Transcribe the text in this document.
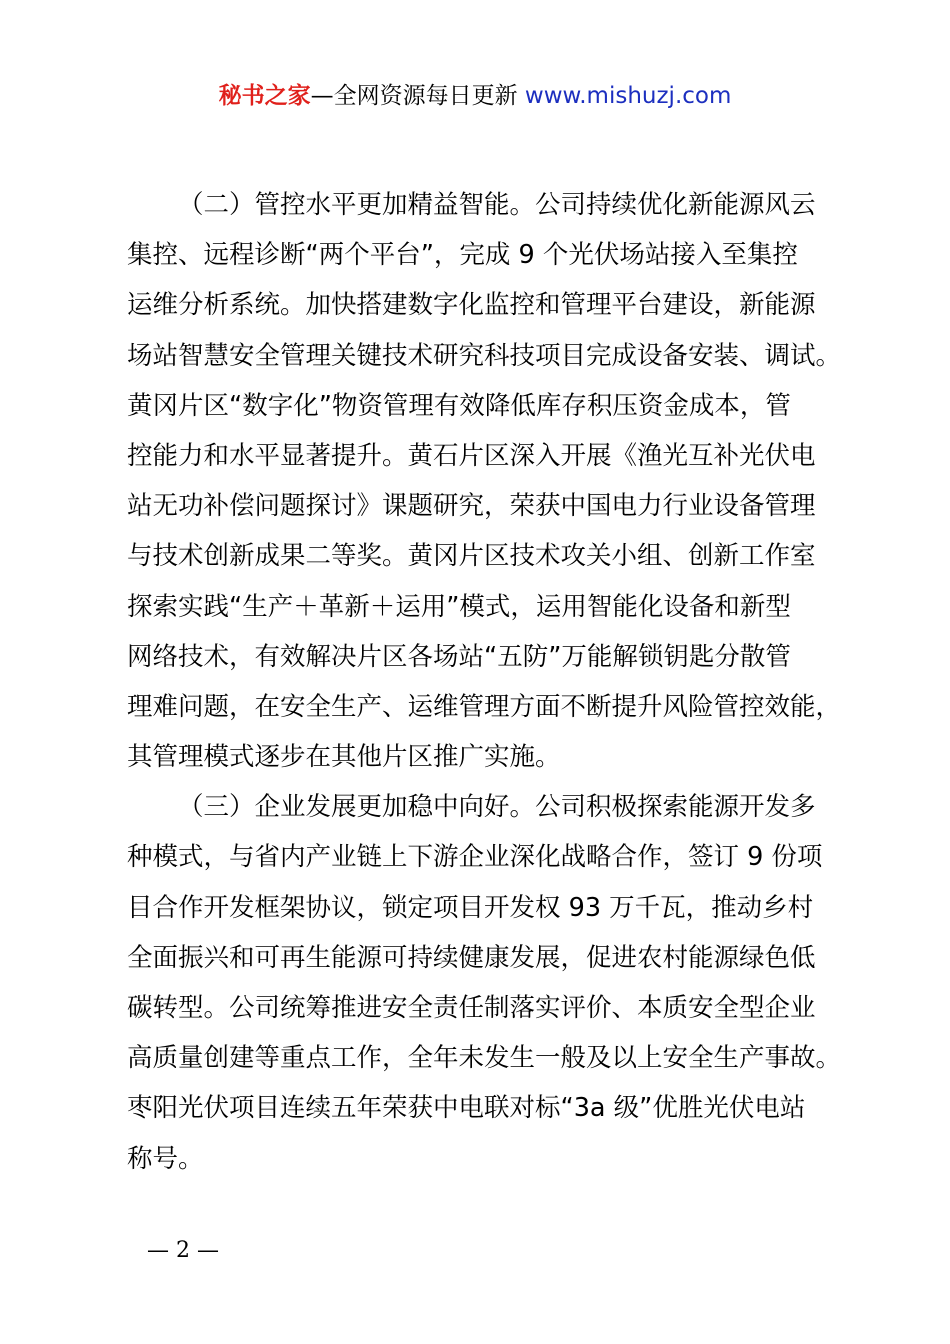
秘书之家—全网资源每日更新 www.mishuzj.com

（二）管控水平更加精益智能。公司持续优化新能源风云
集控、远程诊断“两个平台”，完成 9 个光伏场站接入至集控
运维分析系统。加快搭建数字化监控和管理平台建设，新能源
场站智慧安全管理关键技术研究科技项目完成设备安装、调试。
黄冈片区“数字化”物资管理有效降低库存积压资金成本，管
控能力和水平显著提升。黄石片区深入开展《渔光互补光伏电
站无功补偿问题探讨》课题研究，荣获中国电力行业设备管理
与技术创新成果二等奖。黄冈片区技术攻关小组、创新工作室
探索实践“生产＋革新＋运用”模式，运用智能化设备和新型
网络技术，有效解决片区各场站“五防”万能解锁钥匙分散管
理难问题，在安全生产、运维管理方面不断提升风险管控效能，
其管理模式逐步在其他片区推广实施。

（三）企业发展更加稳中向好。公司积极探索能源开发多
种模式，与省内产业链上下游企业深化战略合作，签订 9 份项
目合作开发框架协议，锁定项目开发权 93 万千瓦，推动乡村
全面振兴和可再生能源可持续健康发展，促进农村能源绿色低
碳转型。公司统筹推进安全责任制落实评价、本质安全型企业
高质量创建等重点工作，全年未发生一般及以上安全生产事故。
枣阳光伏项目连续五年荣获中电联对标“3a 级”优胜光伏电站
称号。

— 2 —
